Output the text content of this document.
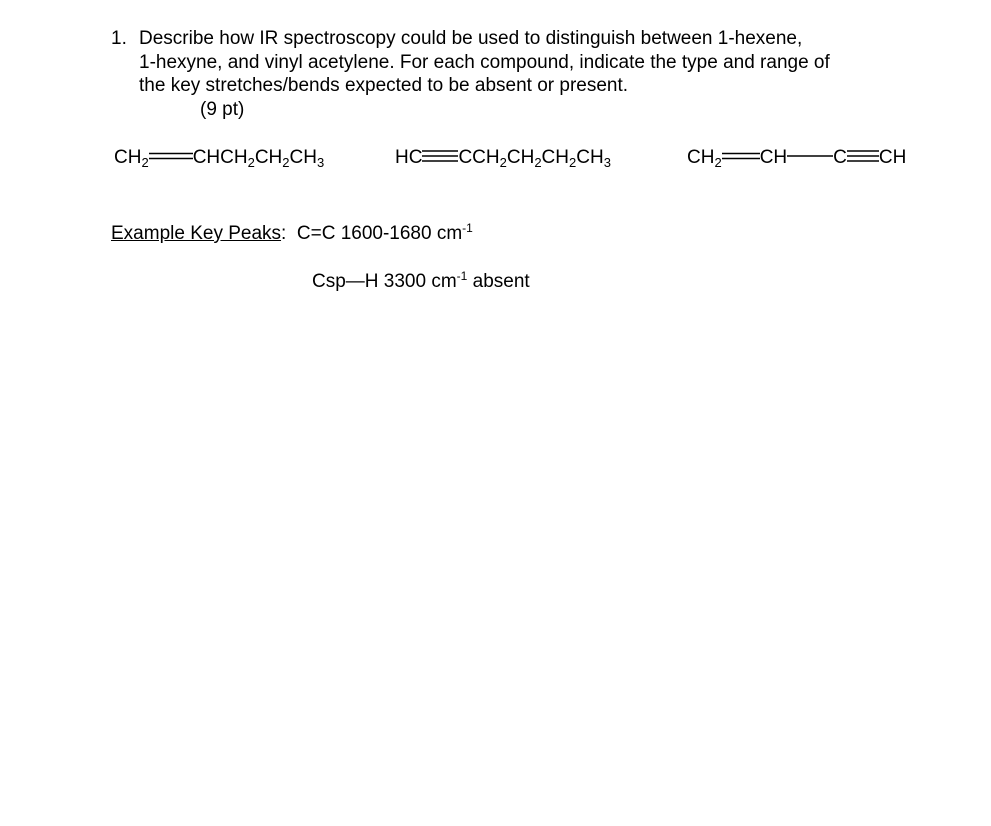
1. Describe how IR spectroscopy could be used to distinguish between 1-hexene,
1-hexyne, and vinyl acetylene. For each compound, indicate the type and range of
the key stretches/bends expected to be absent or present.
(9 pt)
$CH_2$ $CHCH_2CH_2CH_3$	HC $CCH_2CH_2CH_2CH_3$	$CH_2$ CH C CH
Example Key Peaks: C=C 1600-1680 $cm^{-1}$
Csp—H 3300 $cm^{-1}$ absent
